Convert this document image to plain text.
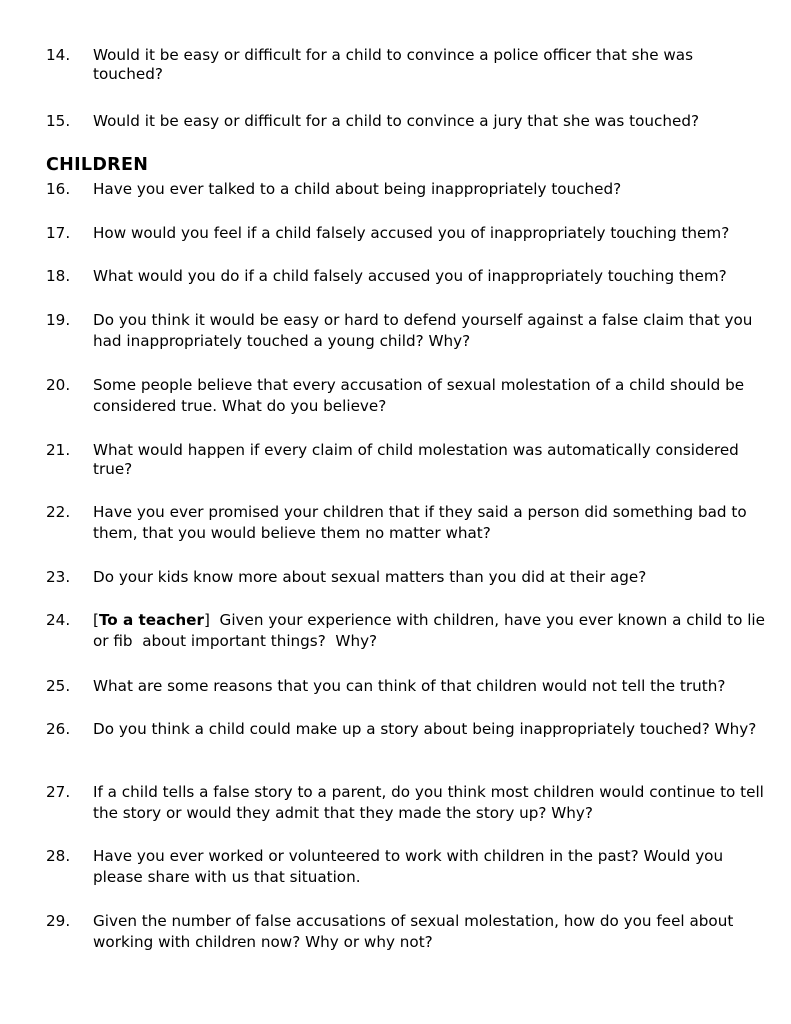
14. Would it be easy or difficult for a child to convince a police officer that she was touched?
15. Would it be easy or difficult for a child to convince a jury that she was touched?
CHILDREN
16. Have you ever talked to a child about being inappropriately touched?
17. How would you feel if a child falsely accused you of inappropriately touching them?
18. What would you do if a child falsely accused you of inappropriately touching them?
19. Do you think it would be easy or hard to defend yourself against a false claim that you had inappropriately touched a young child? Why?
20. Some people believe that every accusation of sexual molestation of a child should be considered true. What do you believe?
21. What would happen if every claim of child molestation was automatically considered true?
22. Have you ever promised your children that if they said a person did something bad to them, that you would believe them no matter what?
23. Do your kids know more about sexual matters than you did at their age?
24. [To a teacher]  Given your experience with children, have you ever known a child to lie or fib  about important things?  Why?
25. What are some reasons that you can think of that children would not tell the truth?
26. Do you think a child could make up a story about being inappropriately touched? Why?
27. If a child tells a false story to a parent, do you think most children would continue to tell the story or would they admit that they made the story up? Why?
28. Have you ever worked or volunteered to work with children in the past? Would you please share with us that situation.
29. Given the number of false accusations of sexual molestation, how do you feel about working with children now? Why or why not?
